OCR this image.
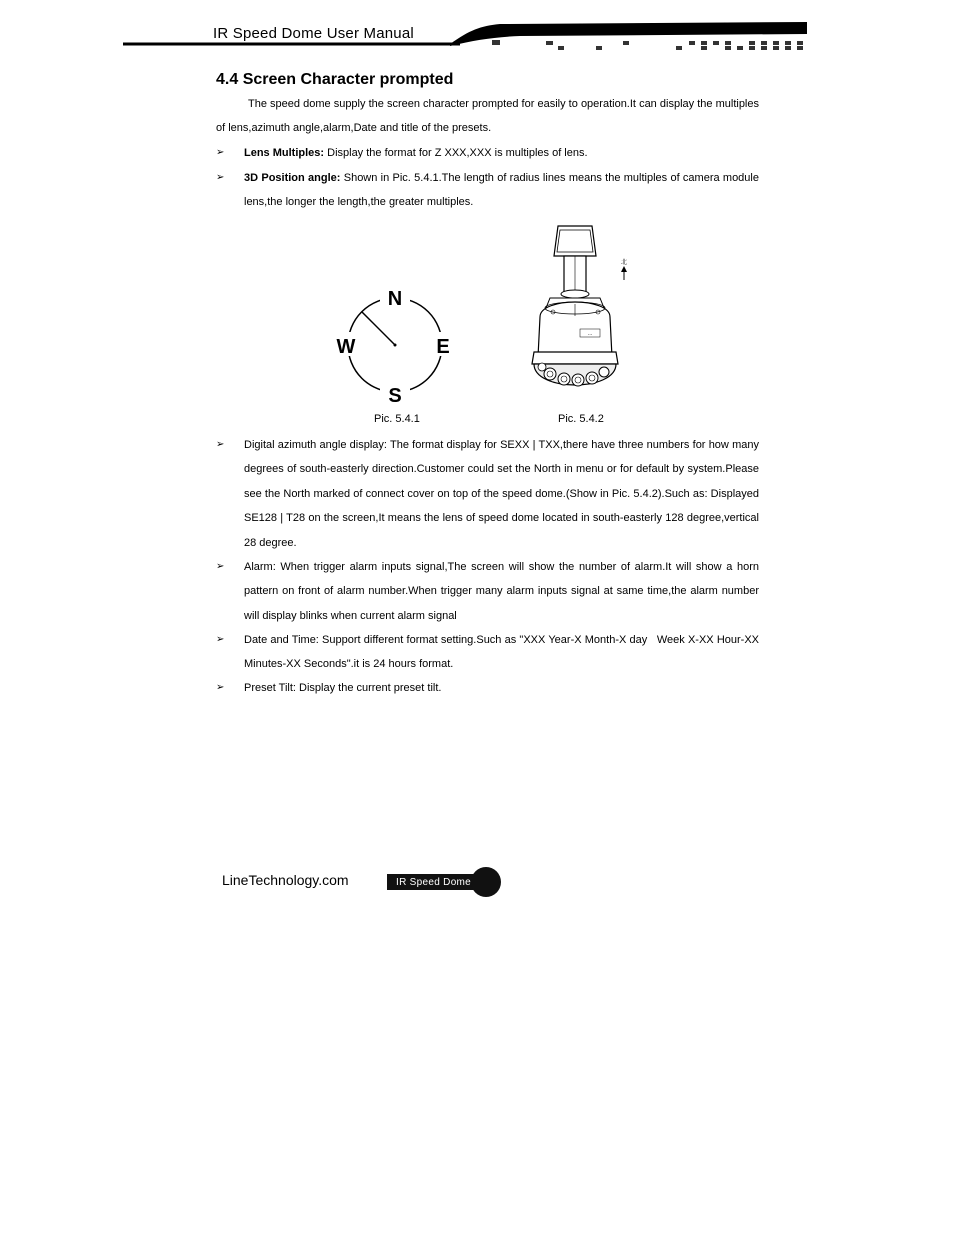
IR Speed Dome User Manual
4.4 Screen Character prompted

The speed dome supply the screen character prompted for easily to operation.It can display the multiples of lens,azimuth angle,alarm,Date and title of the presets.

➢	Lens Multiples: Display the format for Z XXX,XXX is multiples of lens.
➢	3D Position angle: Shown in Pic. 5.4.1.The length of radius lines means the multiples of camera module lens,the longer the length,the greater multiples.
N
S
W	E
···
北
Pic. 5.4.1	Pic. 5.4.2
➢	Digital azimuth angle display: The format display for SEXX | TXX,there have three numbers for how many degrees of south-easterly direction.Customer could set the North in menu or for default by system.Please see the North marked of connect cover on top of the speed dome.(Show in Pic. 5.4.2).Such as: Displayed SE128 | T28 on the screen,It means the lens of speed dome located in south-easterly 128 degree,vertical 28 degree.
➢	Alarm: When trigger alarm inputs signal,The screen will show the number of alarm.It will show a horn pattern on front of alarm number.When trigger many alarm inputs signal at same time,the alarm number will display blinks when current alarm signal
➢	Date and Time: Support different format setting.Such as "XXX Year-X Month-X day   Week X-XX Hour-XX Minutes-XX Seconds".it is 24 hours format.
➢	Preset Tilt: Display the current preset tilt.
LineTechnology.com	IR Speed Dome
